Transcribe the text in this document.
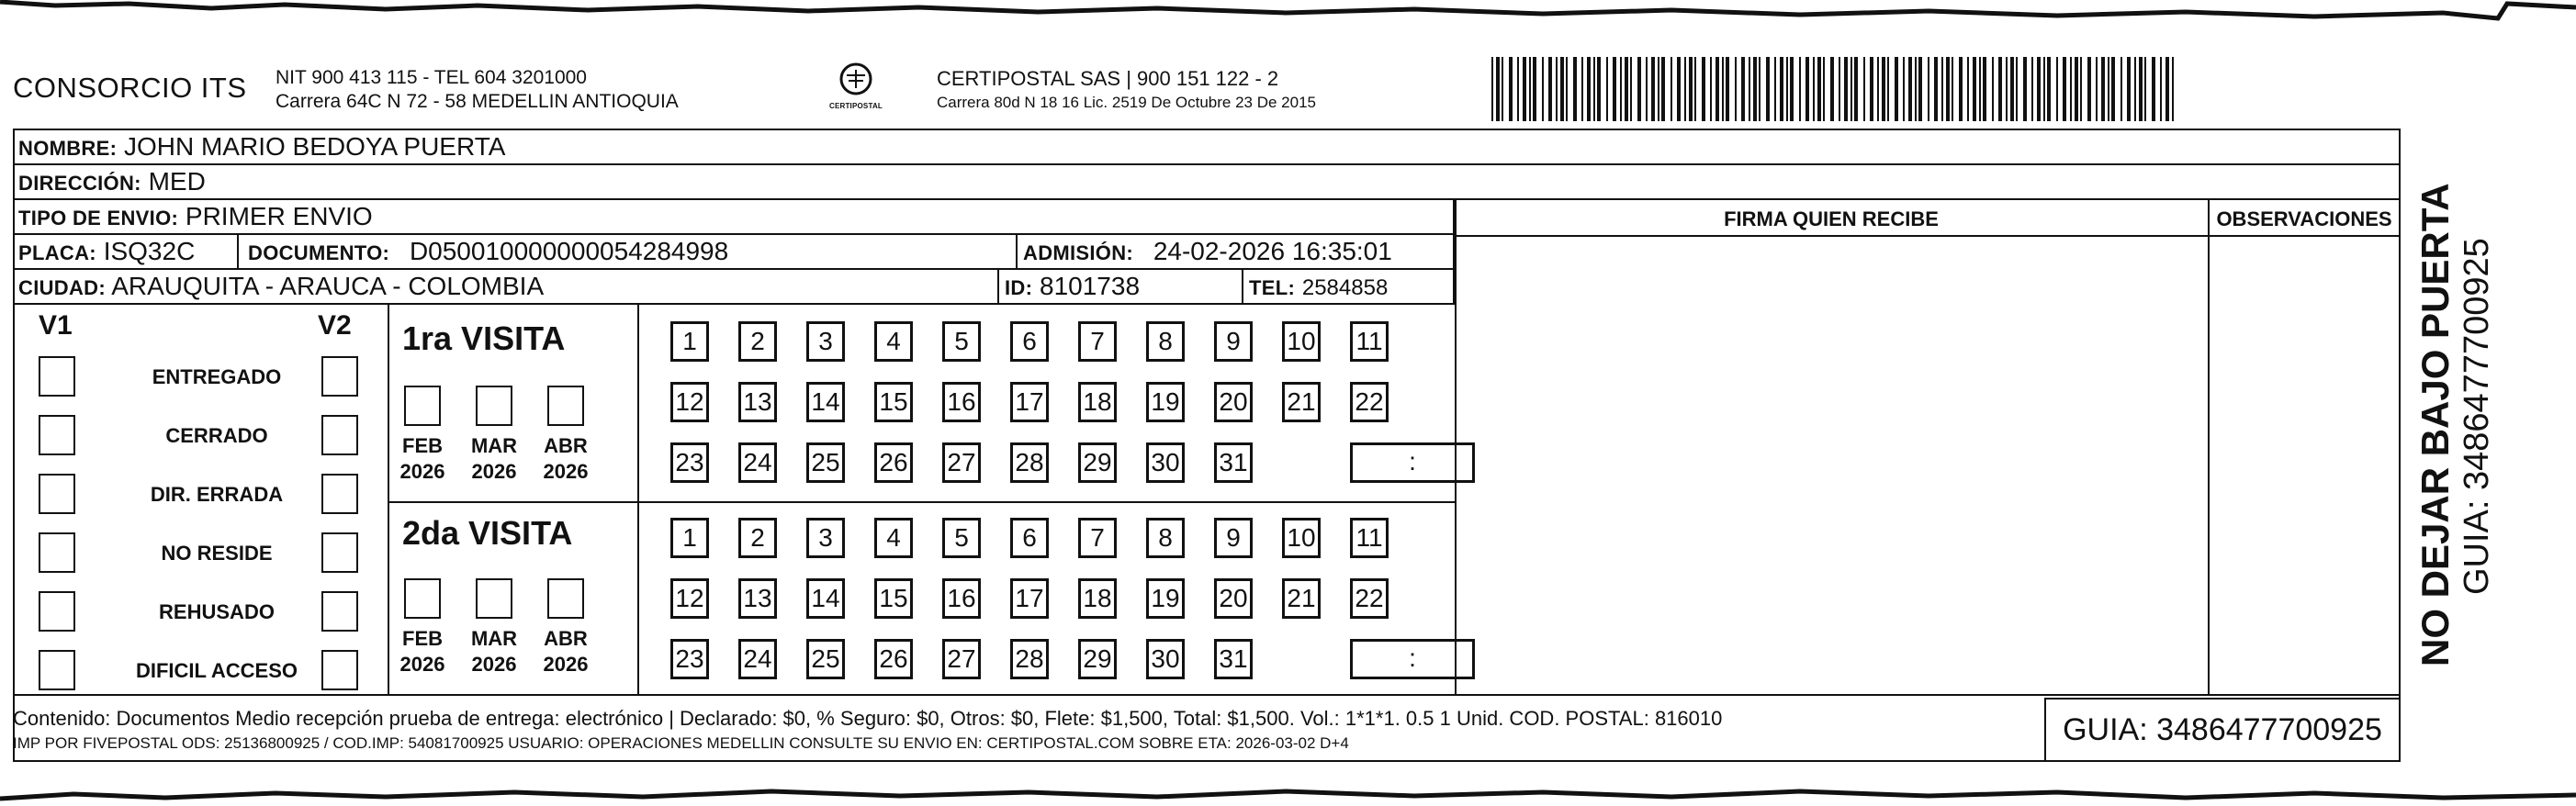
CONSORCIO ITS NIT 900 413 115 - TEL 604 3201000
Carrera 64C N 72 - 58 MEDELLIN ANTIOQUIA	CERTIPOSTAL
CERTIPOSTAL SAS | 900 151 122 - 2
Carrera 80d N 18 16 Lic. 2519 De Octubre 23 De 2015
NOMBRE: JOHN MARIO BEDOYA PUERTA
DIRECCIÓN: MED
TIPO DE ENVIO: PRIMER ENVIO
PLACA: ISQ32C	DOCUMENTO: D050010000000054284998	ADMISIÓN: 24-02-2026 16:35:01
CIUDAD: ARAUQUITA - ARAUCA - COLOMBIA	ID: 8101738	TEL: 2584858
FIRMA QUIEN RECIBE	OBSERVACIONES
V1	V2
ENTREGADO
CERRADO
DIR. ERRADA
NO RESIDE
REHUSADO
DIFICIL ACCESO
1ra VISITA
2da VISITA
FEB
2026
MAR
2026
ABR
2026
FEB
2026
MAR
2026
ABR
2026
1	2	3	4	5	6	7	8	9	10 11
12 13 14 15 16 17 18 19 20 21 22
23 24 25 26 27 28 29 30 31	:
1	2	3	4	5	6	7	8	9	10 11
12 13 14 15 16 17 18 19 20 21 22
23 24 25 26 27 28 29 30 31	:
Contenido: Documentos Medio recepción prueba de entrega: electrónico | Declarado: $0, % Seguro: $0, Otros: $0, Flete: $1,500, Total: $1,500. Vol.: 1*1*1. 0.5 1 Unid. COD. POSTAL: 816010
IMP POR FIVEPOSTAL ODS: 25136800925 / COD.IMP: 54081700925 USUARIO: OPERACIONES MEDELLIN CONSULTE SU ENVIO EN: CERTIPOSTAL.COM SOBRE ETA: 2026-03-02 D+4	GUIA: 3486477700925
NO DEJAR BAJO PUERTA GUIA: 3486477700925
